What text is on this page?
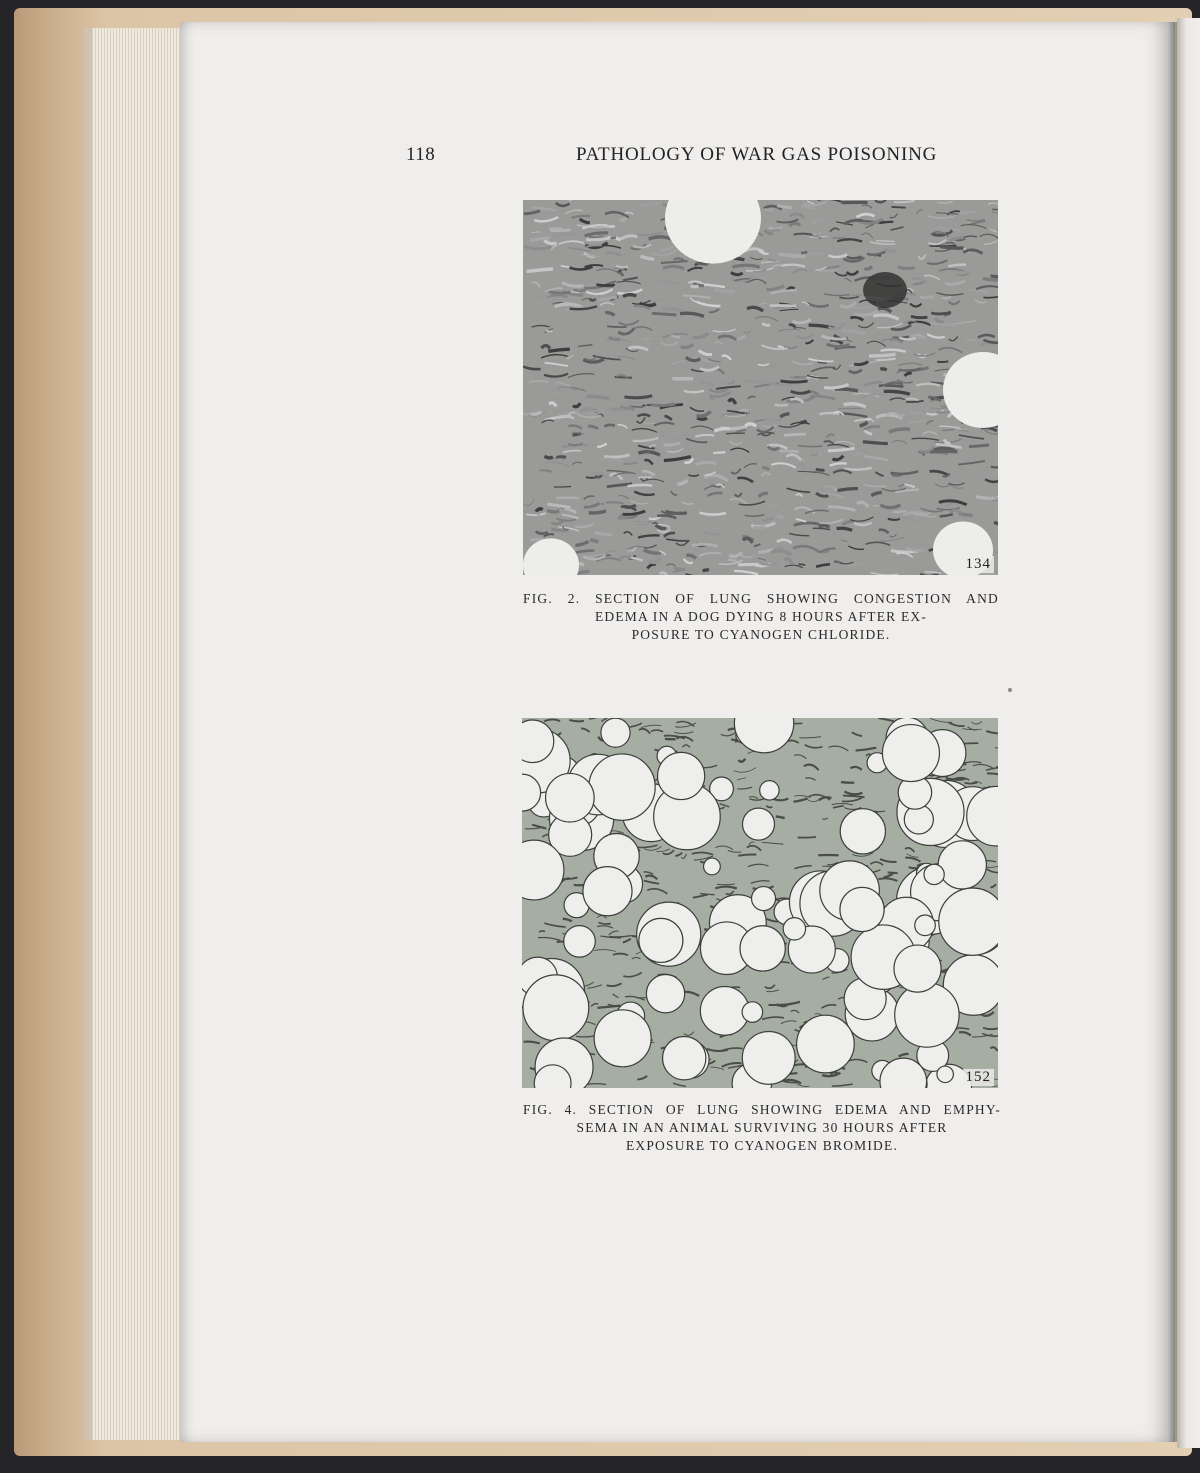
118	PATHOLOGY OF WAR GAS POISONING
134
FIG. 2. SECTION OF LUNG SHOWING CONGESTION AND
EDEMA IN A DOG DYING 8 HOURS AFTER EX-
POSURE TO CYANOGEN CHLORIDE.
152
FIG. 4. SECTION OF LUNG SHOWING EDEMA AND EMPHY-
SEMA IN AN ANIMAL SURVIVING 30 HOURS AFTER
EXPOSURE TO CYANOGEN BROMIDE.
